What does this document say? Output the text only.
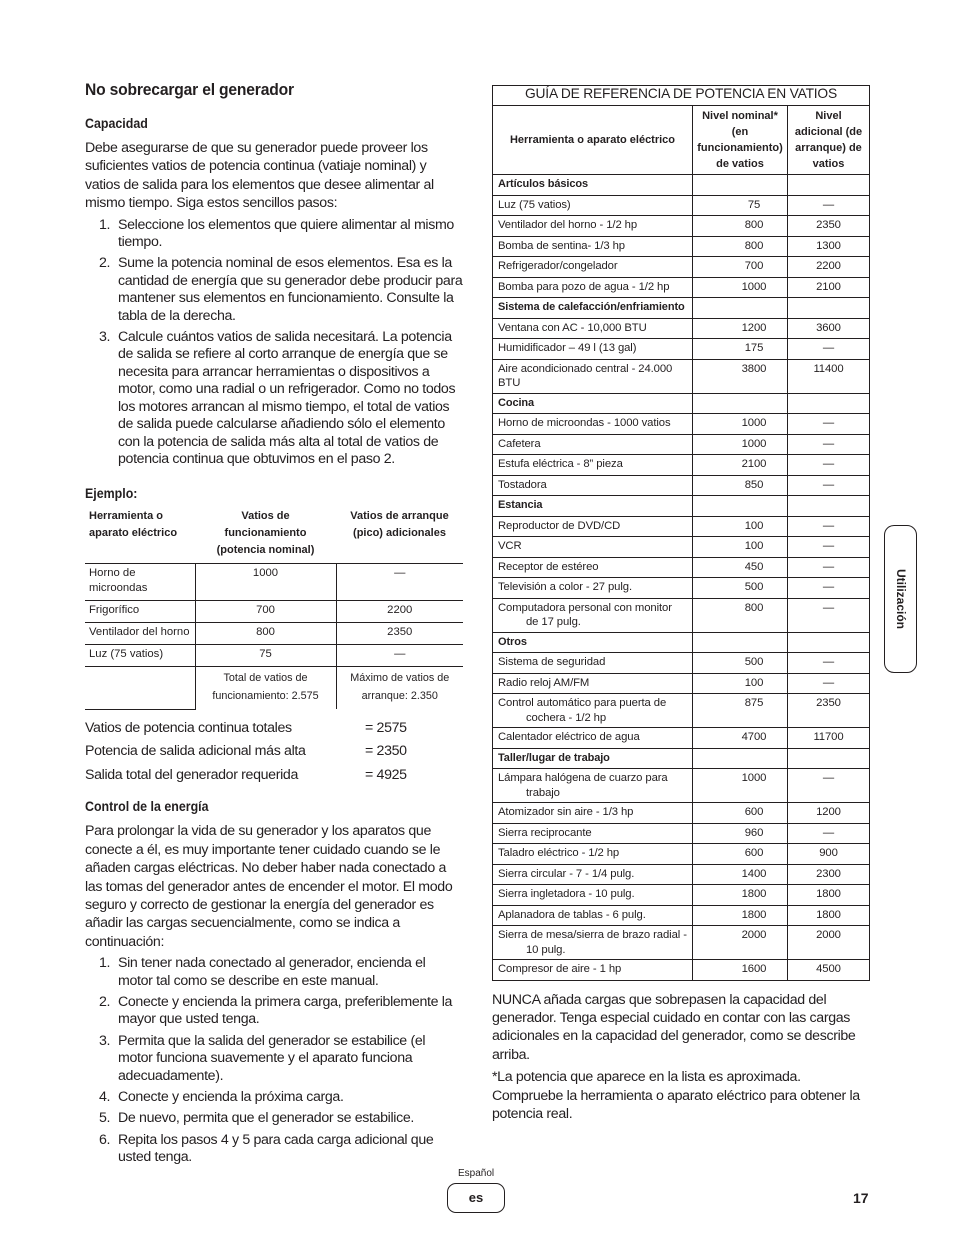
No sobrecargar el generador
Capacidad

Debe asegurarse de que su generador puede proveer los suficientes vatios de potencia continua (vatiaje nominal) y vatios de salida para los elementos que desee alimentar al mismo tiempo. Siga estos sencillos pasos:

1. Seleccione los elementos que quiere alimentar al mismo tiempo.
2. Sume la potencia nominal de esos elementos. Esa es la cantidad de energía que su generador debe producir para mantener sus elementos en funcionamiento. Consulte la tabla de la derecha.
3. Calcule cuántos vatios de salida necesitará. La potencia de salida se refiere al corto arranque de energía que se necesita para arrancar herramientas o dispositivos a motor, como una radial o un refrigerador. Como no todos los motores arrancan al mismo tiempo, el total de vatios de salida puede calcularse añadiendo sólo el elemento con la potencia de salida más alta al total de vatios de potencia continua que obtuvimos en el paso 2.
Ejemplo:
Herramienta o aparato eléctrico	Vatios de funcionamiento (potencia nominal)	Vatios de arranque (pico) adicionales
Horno de microondas	1000	—
Frigorífico	700	2200
Ventilador del horno	800	2350
Luz (75 vatios)	75	—
	Total de vatios de funcionamiento: 2.575	Máximo de vatios de arranque: 2.350
Vatios de potencia continua totales	= 2575
Potencia de salida adicional más alta	= 2350
Salida total del generador requerida	= 4925
Control de la energía

Para prolongar la vida de su generador y los aparatos que conecte a él, es muy importante tener cuidado cuando se le añaden cargas eléctricas. No deber haber nada conectado a las tomas del generador antes de encender el motor. El modo seguro y correcto de gestionar la energía del generador es añadir las cargas secuencialmente, como se indica a continuación:

1. Sin tener nada conectado al generador, encienda el motor tal como se describe en este manual.
2. Conecte y encienda la primera carga, preferiblemente la mayor que usted tenga.
3. Permita que la salida del generador se estabilice (el motor funciona suavemente y el aparato funciona adecuadamente).
4. Conecte y encienda la próxima carga.
5. De nuevo, permita que el generador se estabilice.
6. Repita los pasos 4 y 5 para cada carga adicional que usted tenga.
GUÍA DE REFERENCIA DE POTENCIA EN VATIOS		
Herramienta o aparato eléctrico	Nivel nominal* (en funcionamiento) de vatios	Nivel adicional (de arranque) de vatios
Artículos básicos		
Luz (75 vatios)	75	—
Ventilador del horno - 1/2 hp	800	2350
Bomba de sentina- 1/3 hp	800	1300
Refrigerador/congelador	700	2200
Bomba para pozo de agua - 1/2 hp	1000	2100
Sistema de calefacción/enfriamiento		
Ventana con AC - 10,000 BTU	1200	3600
Humidificador – 49 l (13 gal)	175	—
Aire acondicionado central - 24.000 BTU	3800	11400
Cocina		
Horno de microondas - 1000 vatios	1000	—
Cafetera	1000	—
Estufa eléctrica - 8” pieza	2100	—
Tostadora	850	—
Estancia		
Reproductor de DVD/CD	100	—
VCR	100	—
Receptor de estéreo	450	—
Televisión a color - 27 pulg.	500	—
Computadora personal con monitor
de 17 pulg.	800	—
Otros		
Sistema de seguridad	500	—
Radio reloj AM/FM	100	—
Control automático para puerta de
cochera - 1/2 hp	875	2350
Calentador eléctrico de agua	4700	11700
Taller/lugar de trabajo		
Lámpara halógena de cuarzo para
trabajo	1000	—
Atomizador sin aire - 1/3 hp	600	1200
Sierra reciprocante	960	—
Taladro eléctrico - 1/2 hp	600	900
Sierra circular - 7 - 1/4 pulg.	1400	2300
Sierra ingletadora - 10 pulg.	1800	1800
Aplanadora de tablas - 6 pulg.	1800	1800
Sierra de mesa/sierra de brazo radial -
10 pulg.	2000	2000
Compresor de aire - 1 hp	1600	4500

NUNCA añada cargas que sobrepasen la capacidad del generador. Tenga especial cuidado en contar con las cargas adicionales en la capacidad del generador, como se describe arriba.

*La potencia que aparece en la lista es aproximada. Compruebe la herramienta o aparato eléctrico para obtener la potencia real.

Utilización
Español
es	17
